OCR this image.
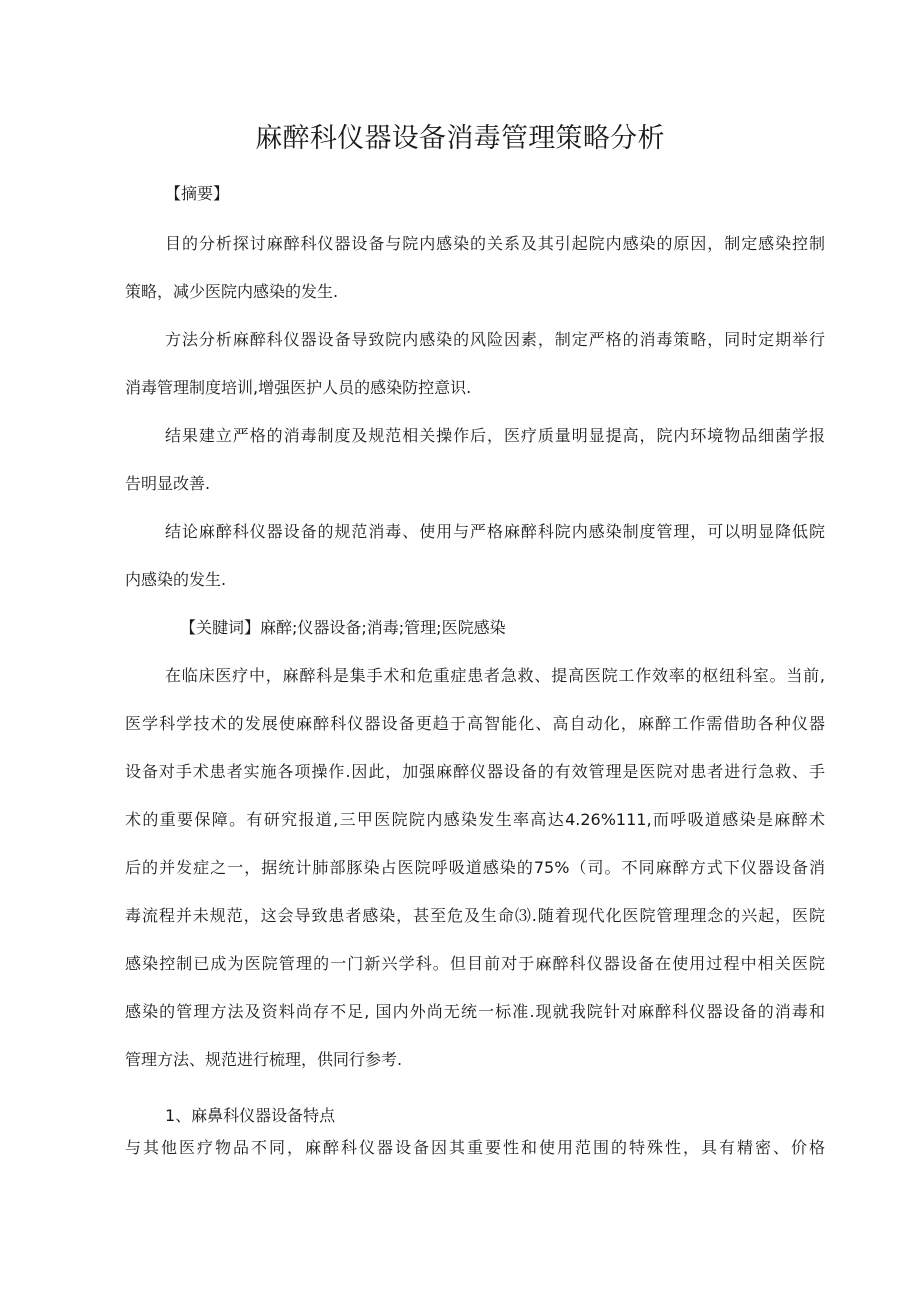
麻醉科仪器设备消毒管理策略分析

【摘要】

目的分析探讨麻醉科仪器设备与院内感染的关系及其引起院内感染的原因，制定感染控制

策略，减少医院内感染的发生.

方法分析麻醉科仪器设备导致院内感染的风险因素，制定严格的消毒策略，同时定期举行

消毒管理制度培训,增强医护人员的感染防控意识.

结果建立严格的消毒制度及规范相关操作后，医疗质量明显提高，院内环境物品细菌学报

告明显改善.

结论麻醉科仪器设备的规范消毒、使用与严格麻醉科院内感染制度管理，可以明显降低院

内感染的发生.

【关腱词】麻醉;仪器设备;消毒;管理;医院感染

在临床医疗中，麻醉科是集手术和危重症患者急救、提高医院工作效率的枢纽科室。当前,

医学科学技术的发展使麻醉科仪器设备更趋于高智能化、高自动化，麻醉工作需借助各种仪器

设备对手术患者实施各项操作.因此，加强麻醉仪器设备的有效管理是医院对患者进行急救、手

术的重要保障。有研究报道,三甲医院院内感染发生率高达4.26%111,而呼吸道感染是麻醉术

后的并发症之一，据统计肺部豚染占医院呼吸道感染的75%（司。不同麻醉方式下仪器设备消

毒流程并未规范，这会导致患者感染，甚至危及生命⑶.随着现代化医院管理理念的兴起，医院

感染控制已成为医院管理的一门新兴学科。但目前对于麻醉科仪器设备在使用过程中相关医院

感染的管理方法及资料尚存不足, 国内外尚无统一标准.现就我院针对麻醉科仪器设备的消毒和

管理方法、规范进行梳理，供同行参考.

1、麻鼻科仪器设备特点

与其他医疗物品不同，麻醉科仪器设备因其重要性和使用范围的特殊性，具有精密、价格
